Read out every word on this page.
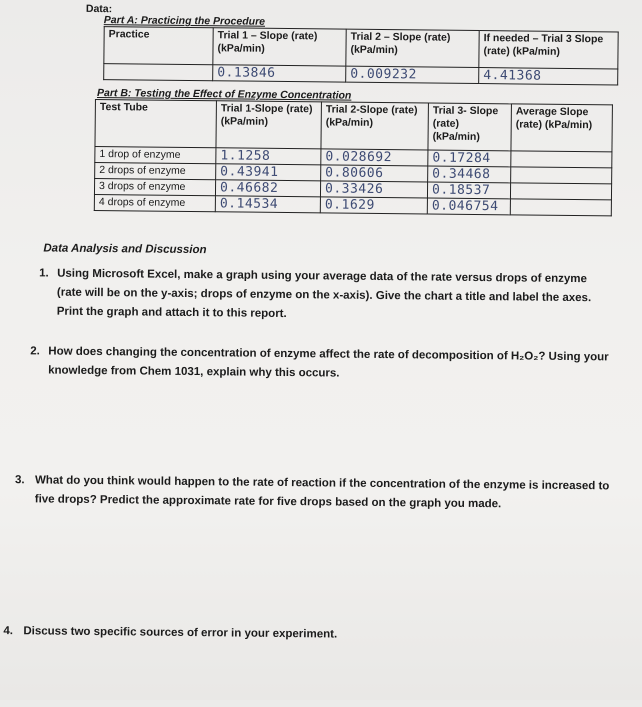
Data:
Part A: Practicing the Procedure
Practice	Trial 1 – Slope (rate) (kPa/min)	Trial 2 – Slope (rate) (kPa/min)	If needed – Trial 3 Slope (rate) (kPa/min)
	0.13846	0.009232	4.41368
Part B: Testing the Effect of Enzyme Concentration
Test Tube	Trial 1-Slope (rate) (kPa/min)	Trial 2-Slope (rate) (kPa/min)	Trial 3- Slope (rate) (kPa/min)	Average Slope (rate) (kPa/min)
1 drop of enzyme	1.1258	0.028692	0.17284	
2 drops of enzyme	0.43941	0.80606	0.34468	
3 drops of enzyme	0.46682	0.33426	0.18537	
4 drops of enzyme	0.14534	0.1629	0.046754	
Data Analysis and Discussion
1. Using Microsoft Excel, make a graph using your average data of the rate versus drops of enzyme (rate will be on the y-axis; drops of enzyme on the x-axis). Give the chart a title and label the axes. Print the graph and attach it to this report.
2. How does changing the concentration of enzyme affect the rate of decomposition of H₂O₂? Using your knowledge from Chem 1031, explain why this occurs.
3. What do you think would happen to the rate of reaction if the concentration of the enzyme is increased to five drops? Predict the approximate rate for five drops based on the graph you made.
4. Discuss two specific sources of error in your experiment.
